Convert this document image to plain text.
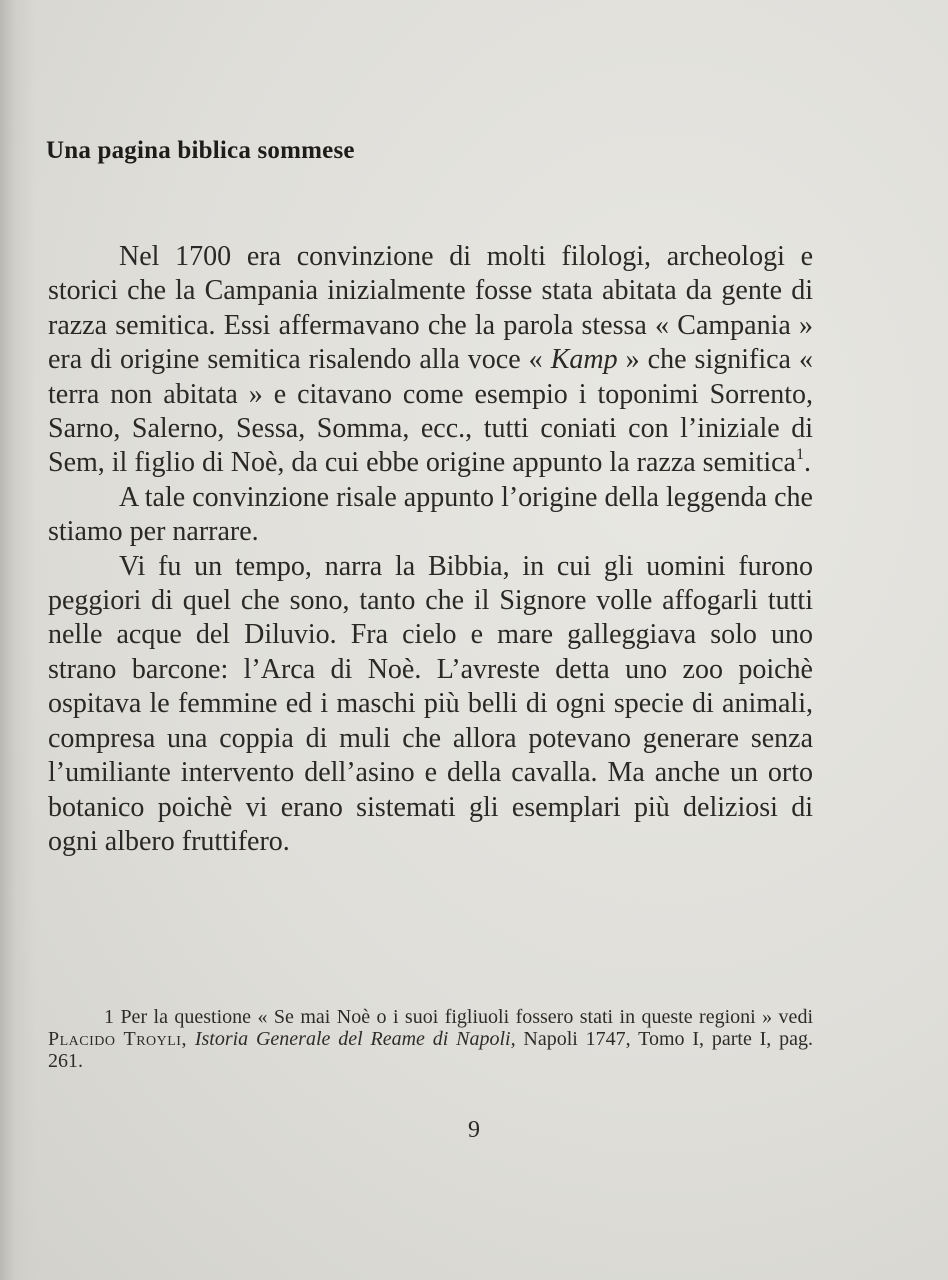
Una pagina biblica sommese

Nel 1700 era convinzione di molti filologi, archeologi e storici che la Campania inizialmente fosse stata abitata da gente di razza semitica. Essi affermavano che la parola stessa « Campania » era di origine semitica risalendo alla voce « Kamp » che significa « terra non abitata » e citavano come esempio i toponimi Sorrento, Sarno, Salerno, Sessa, Somma, ecc., tutti coniati con l’iniziale di Sem, il figlio di Noè, da cui ebbe origine appunto la razza semitica$^1$.

A tale convinzione risale appunto l’origine della leggenda che stiamo per narrare.

Vi fu un tempo, narra la Bibbia, in cui gli uomini furono peggiori di quel che sono, tanto che il Signore volle affogarli tutti nelle acque del Diluvio. Fra cielo e mare galleggiava solo uno strano barcone: l’Arca di Noè. L’avreste detta uno zoo poichè ospitava le femmine ed i maschi più belli di ogni specie di animali, compresa una coppia di muli che allora potevano generare senza l’umiliante intervento dell’asino e della cavalla. Ma anche un orto botanico poichè vi erano sistemati gli esemplari più deliziosi di ogni albero fruttifero.

1 Per la questione « Se mai Noè o i suoi figliuoli fossero stati in queste regioni » vedi Placido Troyli, Istoria Generale del Reame di Napoli, Napoli 1747, Tomo I, parte I, pag. 261.
9
